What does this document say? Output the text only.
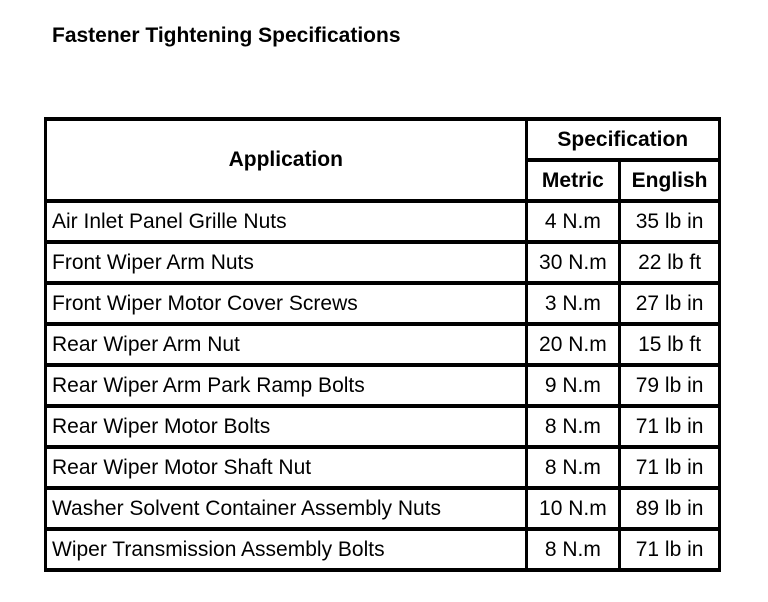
Fastener Tightening Specifications
Application	Specification	
	Metric	English
Air Inlet Panel Grille Nuts	4 N.m	35 lb in
Front Wiper Arm Nuts	30 N.m	22 lb ft
Front Wiper Motor Cover Screws	3 N.m	27 lb in
Rear Wiper Arm Nut	20 N.m	15 lb ft
Rear Wiper Arm Park Ramp Bolts	9 N.m	79 lb in
Rear Wiper Motor Bolts	8 N.m	71 lb in
Rear Wiper Motor Shaft Nut	8 N.m	71 lb in
Washer Solvent Container Assembly Nuts	10 N.m	89 lb in
Wiper Transmission Assembly Bolts	8 N.m	71 lb in
